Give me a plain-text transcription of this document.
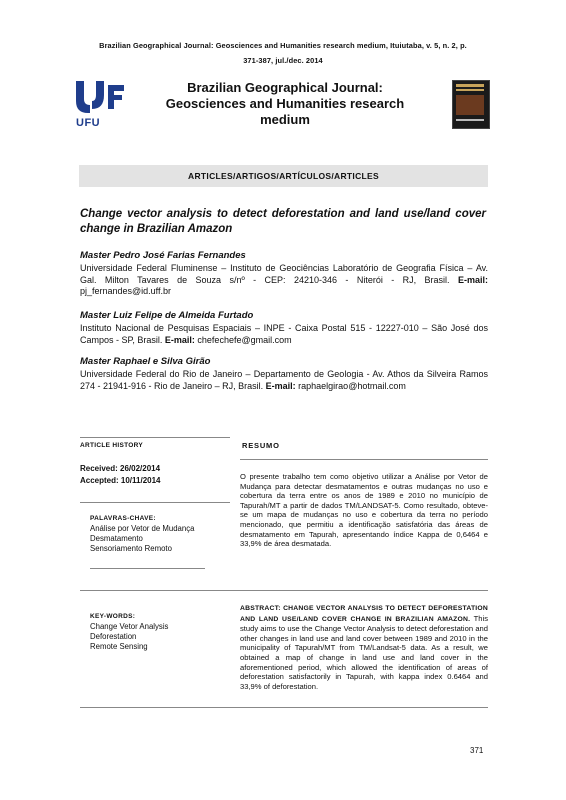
Brazilian Geographical Journal: Geosciences and Humanities research medium, Ituiutaba, v. 5, n. 2, p.
371-387, jul./dec. 2014
UFU
Brazilian Geographical Journal:
Geosciences and Humanities research
medium
ARTICLES/ARTIGOS/ARTÍCULOS/ARTICLES
Change vector analysis to detect deforestation and land use/land cover change in Brazilian Amazon
Master Pedro José Farias Fernandes
Universidade Federal Fluminense – Instituto de Geociências Laboratório de Geografia Física – Av. Gal. Milton Tavares de Souza s/nº - CEP: 24210-346 - Niterói - RJ, Brasil. E-mail: pj_fernandes@id.uff.br
Master Luiz Felipe de Almeida Furtado
Instituto Nacional de Pesquisas Espaciais – INPE - Caixa Postal 515 - 12227-010 – São José dos Campos - SP, Brasil. E-mail: chefechefe@gmail.com
Master Raphael e Silva Girão
Universidade Federal do Rio de Janeiro – Departamento de Geologia - Av. Athos da Silveira Ramos 274 - 21941-916 - Rio de Janeiro – RJ, Brasil. E-mail: raphaelgirao@hotmail.com
ARTICLE HISTORY
Received: 26/02/2014
Accepted: 10/11/2014
PALAVRAS-CHAVE:
Análise por Vetor de Mudança
Desmatamento
Sensoriamento Remoto
RESUMO
O presente trabalho tem como objetivo utilizar a Análise por Vetor de Mudança para detectar desmatamentos e outras mudanças no uso e cobertura da terra entre os anos de 1989 e 2010 no município de Tapurah/MT a partir de dados TM/LANDSAT-5. Como resultado, obteve-se um mapa de mudanças no uso e cobertura da terra no período mencionado, que permitiu a identificação satisfatória das áreas de desmatamento em Tapurah, apresentando índice Kappa de 0,6464 e 33,9% de área desmatada.
KEY-WORDS:
Change Vetor Analysis
Deforestation
Remote Sensing
ABSTRACT: CHANGE VECTOR ANALYSIS TO DETECT DEFORESTATION AND LAND USE/LAND COVER CHANGE IN BRAZILIAN AMAZON. This study aims to use the Change Vector Analysis to detect deforestation and other changes in land use and land cover between 1989 and 2010 in the municipality of Tapurah/MT from TM/Landsat-5 data. As a result, we obtained a map of change in land use and land cover in the aforementioned period, which allowed the identification of areas of deforestation satisfactorily in Tapurah, with kappa index 0.6464 and 33,9% of deforestation.
371
